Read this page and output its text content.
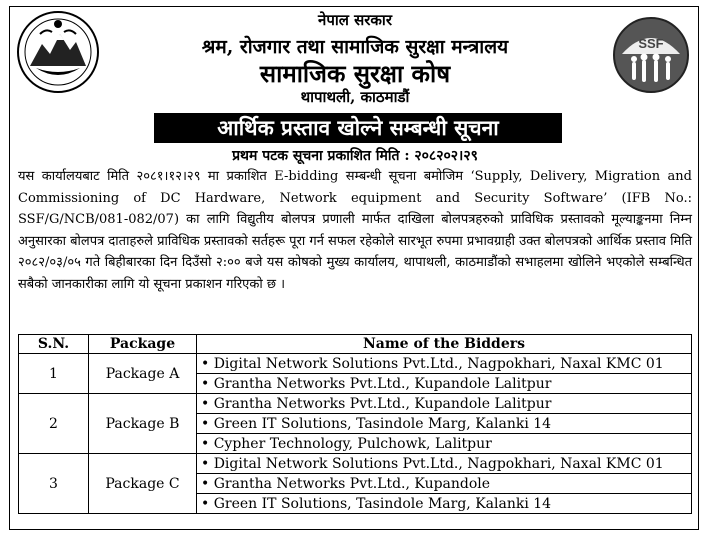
SSF
नेपाल सरकार
श्रम, रोजगार तथा सामाजिक सुरक्षा मन्त्रालय
सामाजिक सुरक्षा कोष
थापाथली, काठमाडौं
आर्थिक प्रस्ताव खोल्ने सम्बन्धी सूचना
प्रथम पटक सूचना प्रकाशित मिति : २०८२०२।२९
यस कार्यालयबाट मिति २०८१।१२।२९ मा प्रकाशित E-bidding सम्बन्धी सूचना बमोजिम ‘Supply, Delivery, Migration and Commissioning of DC Hardware, Network equipment and Security Software’ (IFB No.: SSF/G/NCB/081-082/07) का लागि विद्युतीय बोलपत्र प्रणाली मार्फत दाखिला बोलपत्रहरुको प्राविधिक प्रस्तावको मूल्याङ्कनमा निम्न अनुसारका बोलपत्र दाताहरुले प्राविधिक प्रस्तावको सर्तहरू पूरा गर्न सफल रहेकोले सारभूत रुपमा प्रभावग्राही उक्त बोलपत्रको आर्थिक प्रस्ताव मिति २०८२/०३/०५ गते बिहीबारका दिन दिउँसो २:०० बजे यस कोषको मुख्य कार्यालय, थापाथली, काठमाडौंको सभाहलमा खोलिने भएकोले सम्बन्धित सबैको जानकारीका लागि यो सूचना प्रकाशन गरिएको छ ।
S.N.	Package	Name of the Bidders
1	Package A	• Digital Network Solutions Pvt.Ltd., Nagpokhari, Naxal KMC 01
		• Grantha Networks Pvt.Ltd., Kupandole Lalitpur
2	Package B	• Grantha Networks Pvt.Ltd., Kupandole Lalitpur
		• Green IT Solutions, Tasindole Marg, Kalanki 14
		• Cypher Technology, Pulchowk, Lalitpur
3	Package C	• Digital Network Solutions Pvt.Ltd., Nagpokhari, Naxal KMC 01
		• Grantha Networks Pvt.Ltd., Kupandole
		• Green IT Solutions, Tasindole Marg, Kalanki 14
